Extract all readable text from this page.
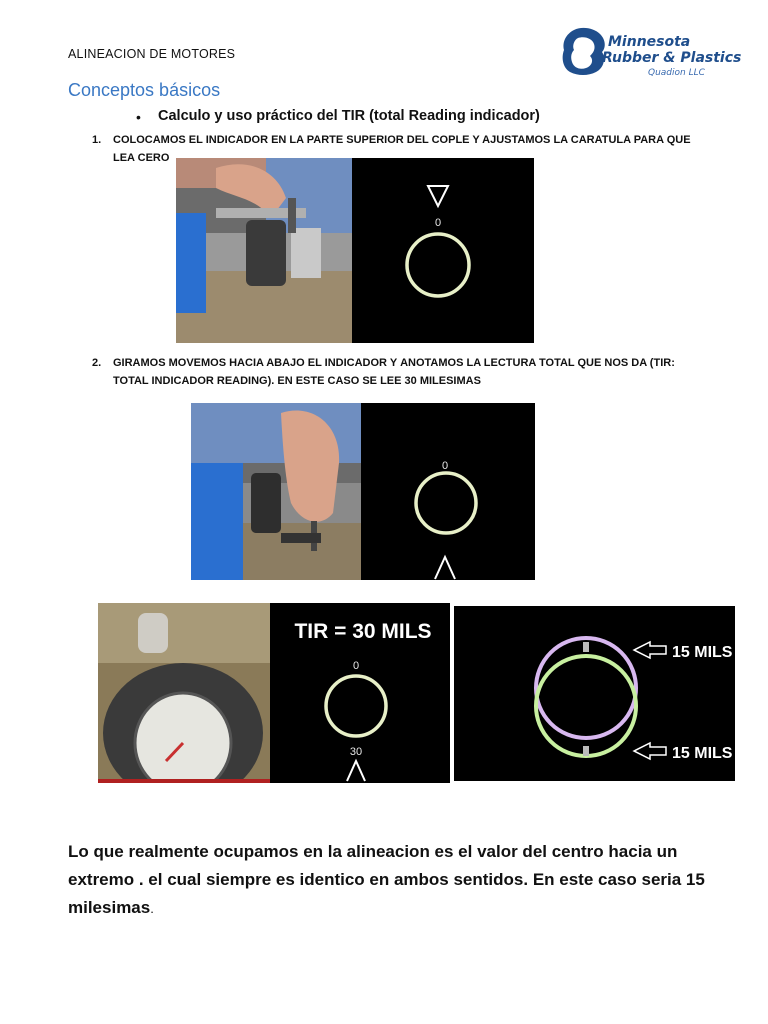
ALINEACION DE MOTORES
Minnesota
Rubber & Plastics
Quadion LLC
Conceptos básicos
• Calculo y uso práctico del TIR (total Reading indicador)
1. COLOCAMOS EL INDICADOR EN LA PARTE SUPERIOR DEL COPLE Y AJUSTAMOS LA CARATULA PARA QUE LEA CERO
0
2. GIRAMOS MOVEMOS HACIA ABAJO EL INDICADOR Y ANOTAMOS LA LECTURA TOTAL QUE NOS DA (TIR: TOTAL INDICADOR READING). EN ESTE CASO SE LEE 30 MILESIMAS
0
TIR = 30 MILS
0
30
15 MILS
15 MILS
Lo que realmente ocupamos en la alineacion es el valor del centro hacia un extremo . el cual siempre es identico en ambos sentidos. En este caso seria 15 milesimas.
